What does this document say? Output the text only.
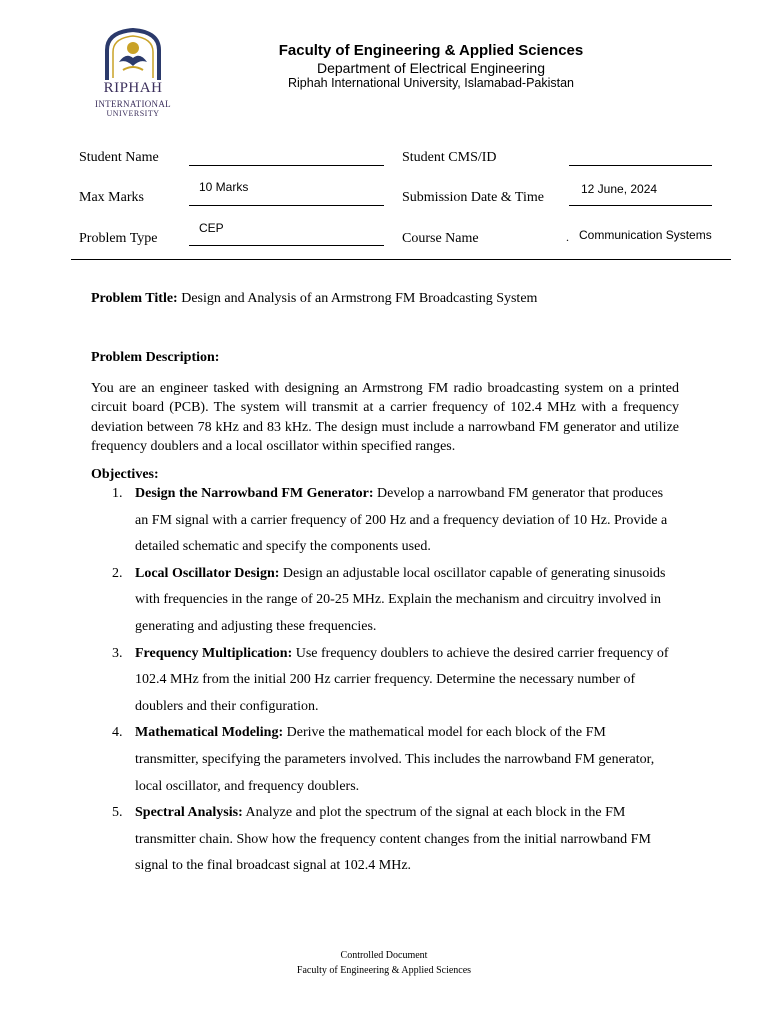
RIPHAH
INTERNATIONAL
UNIVERSITY
Faculty of Engineering & Applied Sciences
Department of Electrical Engineering
Riphah International University, Islamabad-Pakistan
Student Name	Student CMS/ID
Max Marks
10 Marks
Submission Date & Time
12 June, 2024
Problem Type
CEP
Course Name	. Communication Systems
Problem Title: Design and Analysis of an Armstrong FM Broadcasting System
Problem Description:

You are an engineer tasked with designing an Armstrong FM radio broadcasting system on a printed circuit board (PCB). The system will transmit at a carrier frequency of 102.4 MHz with a frequency deviation between 78 kHz and 83 kHz. The design must include a narrowband FM generator and utilize frequency doublers and a local oscillator within specified ranges.

Objectives:
1. Design the Narrowband FM Generator: Develop a narrowband FM generator that produces an FM signal with a carrier frequency of 200 Hz and a frequency deviation of 10 Hz. Provide a detailed schematic and specify the components used.
2. Local Oscillator Design: Design an adjustable local oscillator capable of generating sinusoids with frequencies in the range of 20-25 MHz. Explain the mechanism and circuitry involved in generating and adjusting these frequencies.
3. Frequency Multiplication: Use frequency doublers to achieve the desired carrier frequency of 102.4 MHz from the initial 200 Hz carrier frequency. Determine the necessary number of doublers and their configuration.
4. Mathematical Modeling: Derive the mathematical model for each block of the FM transmitter, specifying the parameters involved. This includes the narrowband FM generator, local oscillator, and frequency doublers.
5. Spectral Analysis: Analyze and plot the spectrum of the signal at each block in the FM transmitter chain. Show how the frequency content changes from the initial narrowband FM signal to the final broadcast signal at 102.4 MHz.
Controlled Document
Faculty of Engineering & Applied Sciences
